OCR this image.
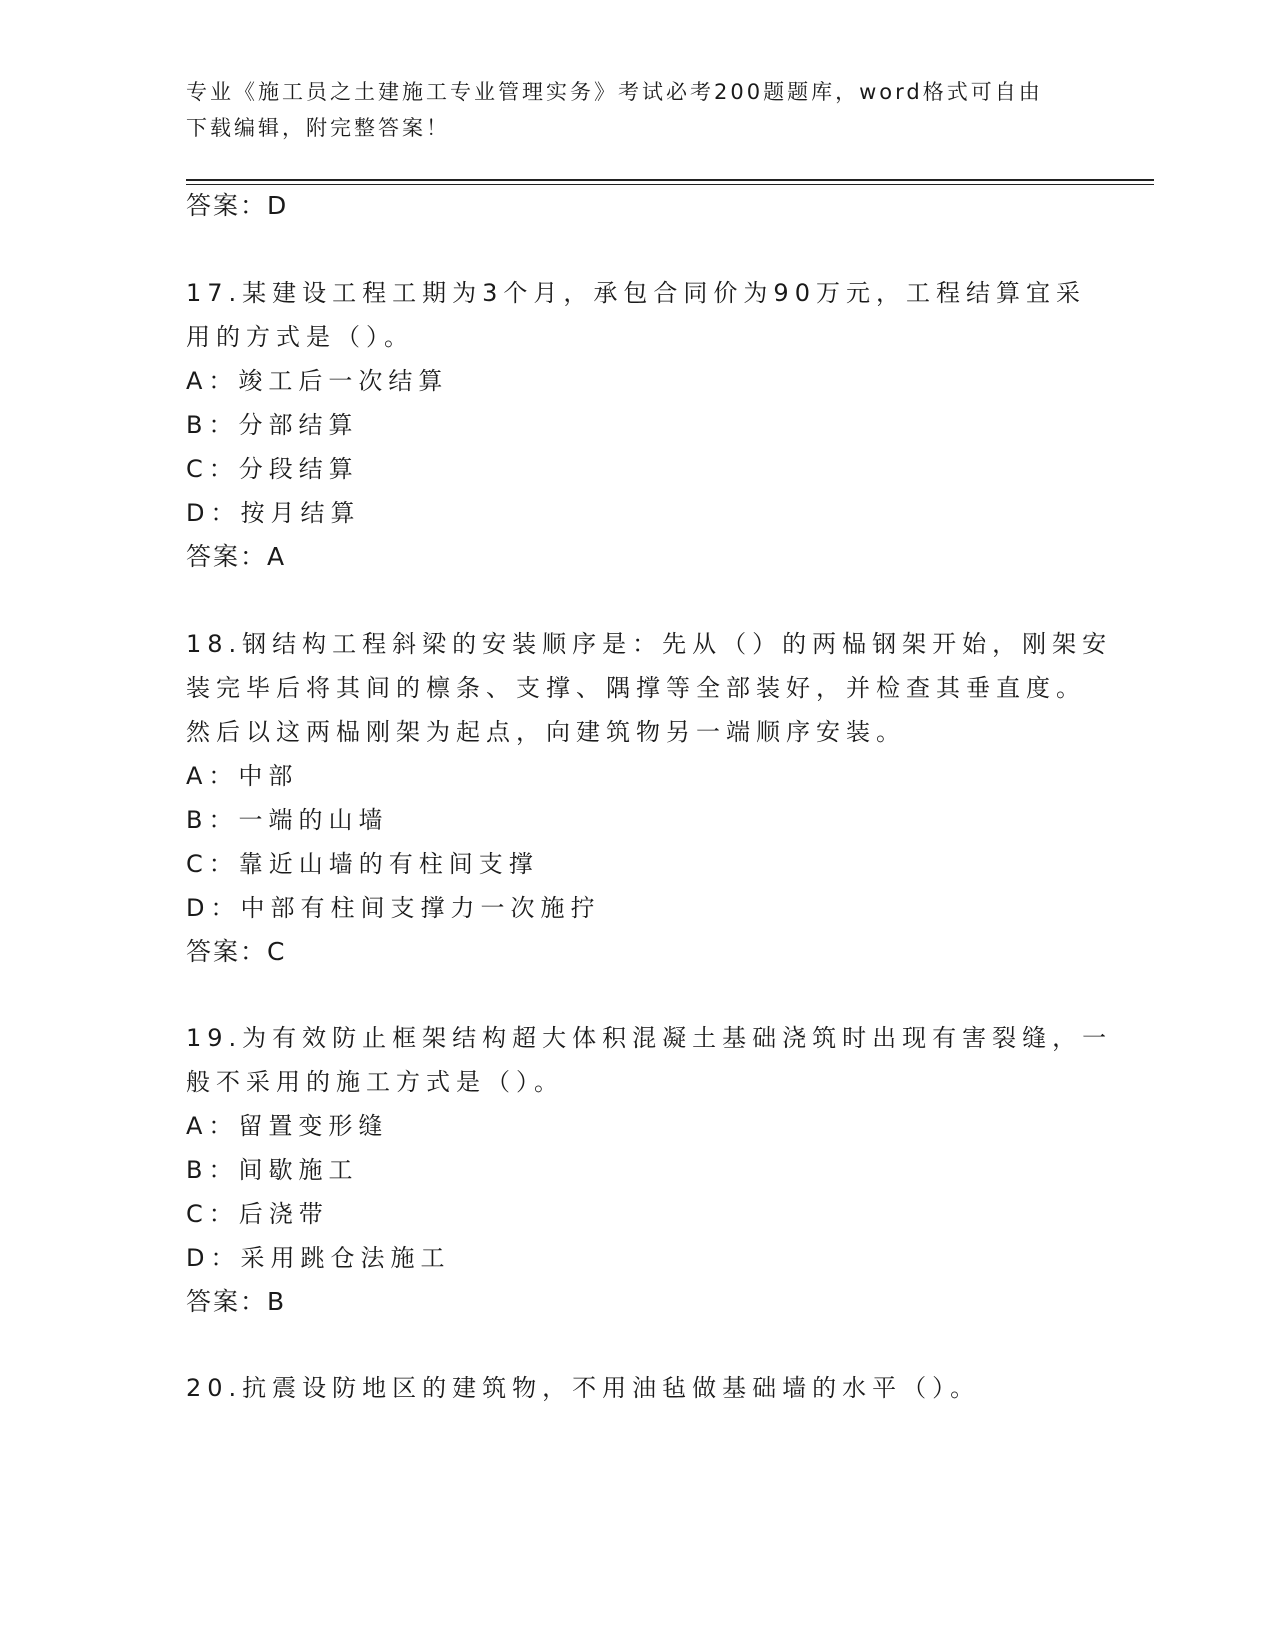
专业《施工员之土建施工专业管理实务》考试必考200题题库，word格式可自由
下载编辑，附完整答案！
答案：D
17.某建设工程工期为3个月，承包合同价为90万元，工程结算宜采
用的方式是（）。
A：竣工后一次结算
B：分部结算
C：分段结算
D：按月结算
答案：A
18.钢结构工程斜梁的安装顺序是：先从（）的两榀钢架开始，刚架安
装完毕后将其间的檩条、支撑、隅撑等全部装好，并检查其垂直度。
然后以这两榀刚架为起点，向建筑物另一端顺序安装。
A：中部
B：一端的山墙
C：靠近山墙的有柱间支撑
D：中部有柱间支撑力一次施拧
答案：C
19.为有效防止框架结构超大体积混凝土基础浇筑时出现有害裂缝，一
般不采用的施工方式是（）。
A：留置变形缝
B：间歇施工
C：后浇带
D：采用跳仓法施工
答案：B
20.抗震设防地区的建筑物，不用油毡做基础墙的水平（）。
